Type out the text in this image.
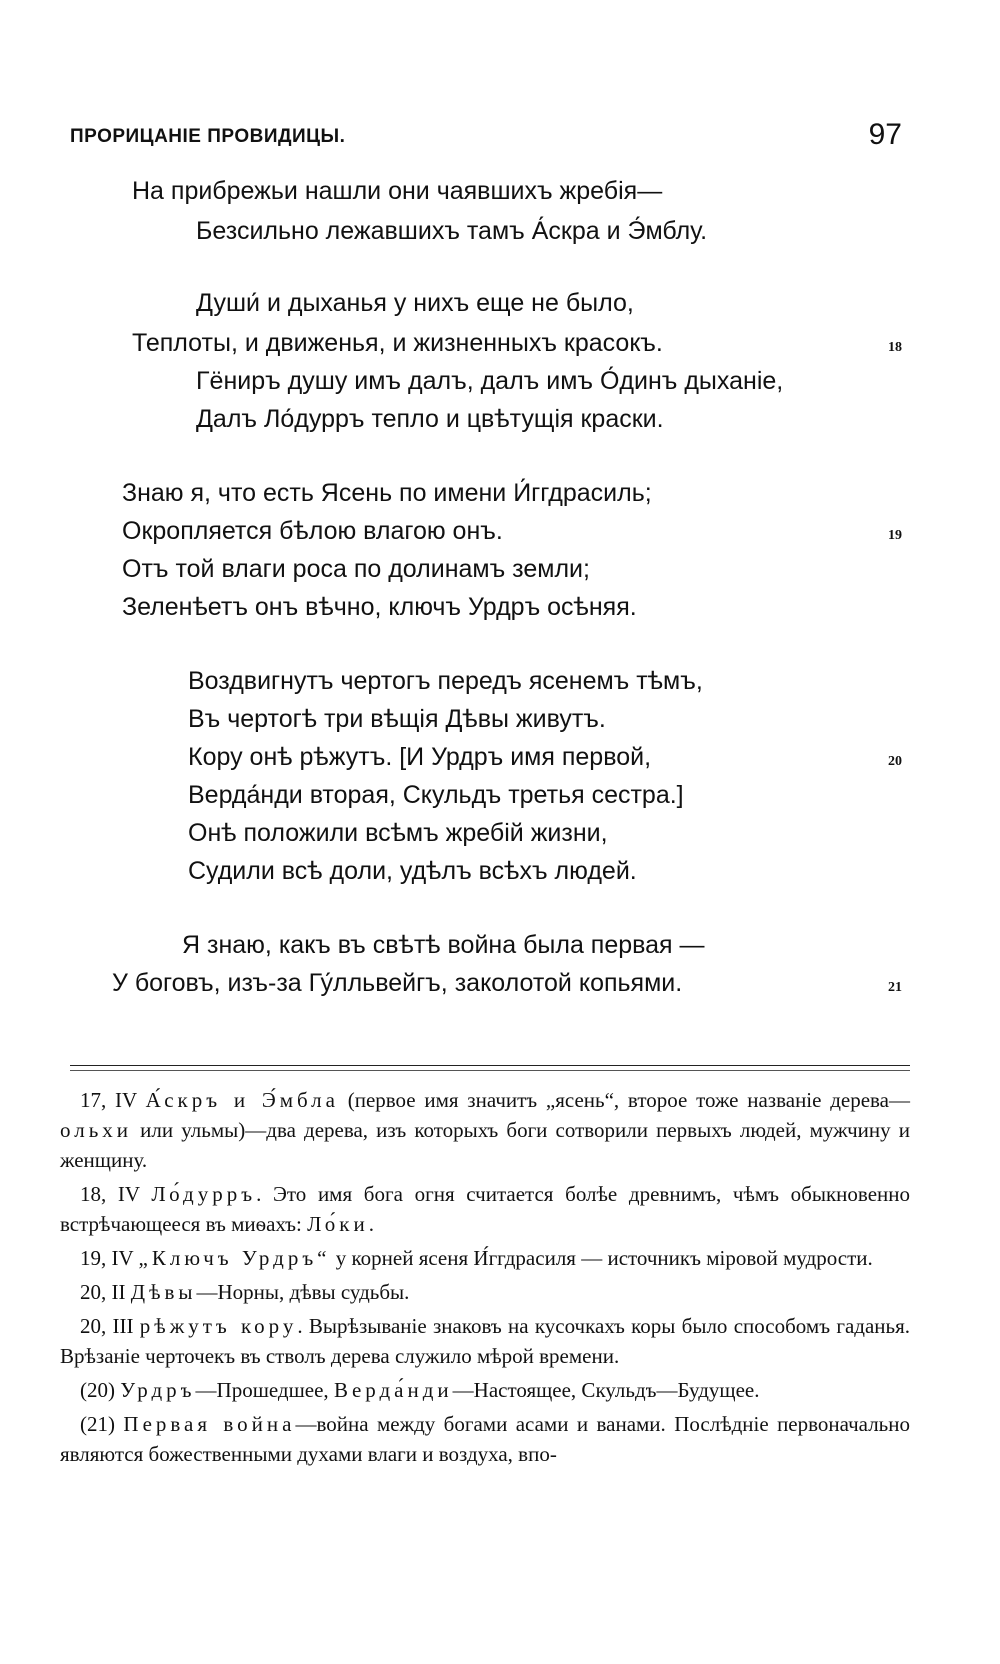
ПРОРИЦАНІЕ ПРОВИДИЦЫ.	97
На прибрежьи нашли они чаявшихъ жребія—
Безсильно лежавшихъ тамъ А́скра и Э́мблу.
Души́ и дыханья у нихъ еще не было,
Теплоты, и движенья, и жизненныхъ красокъ.	18
Гёниръ душу имъ далъ, далъ имъ О́динъ дыханіе,
Далъ Ло́дурръ тепло и цвѣтущія краски.
Знаю я, что есть Ясень по имени И́ггдрасиль;
Окропляется бѣлою влагою онъ.	19
Отъ той влаги роса по долинамъ земли;
Зеленѣетъ онъ вѣчно, ключъ Урдръ осѣняя.
Воздвигнутъ чертогъ передъ ясенемъ тѣмъ,
Въ чертогѣ три вѣщія Дѣвы живутъ.
Кору онѣ рѣжутъ. [И Урдръ имя первой,	20
Верда́нди вторая, Скульдъ третья сестра.]
Онѣ положили всѣмъ жребій жизни,
Судили всѣ доли, удѣлъ всѣхъ людей.
Я знаю, какъ въ свѣтѣ война была первая —
У боговъ, изъ-за Гу́лльвейгъ, заколотой копьями.	21

17, IV А́скръ и Э́мбла (первое имя значитъ „ясень“, второе тоже названіе дерева—ольхи или ульмы)—два дерева, изъ которыхъ боги сотворили первыхъ людей, мужчину и женщину.

18, IV Ло́дурръ. Это имя бога огня считается болѣе древнимъ, чѣмъ обыкновенно встрѣчающееся въ миѳахъ: Ло́ки.

19, IV „Ключъ Урдръ“ у корней ясеня И́ггдрасиля — источникъ міровой мудрости.

20, II Дѣвы—Норны, дѣвы судьбы.

20, III рѣжутъ кору. Вырѣзываніе знаковъ на кусочкахъ коры было способомъ гаданья. Врѣзаніе черточекъ въ стволъ дерева служило мѣрой времени.

(20) Урдръ—Прошедшее, Верда́нди—Настоящее, Скульдъ—Будущее.

(21) Первая война—война между богами асами и ванами. Послѣдніе первоначально являются божественными духами влаги и воздуха, впо-
